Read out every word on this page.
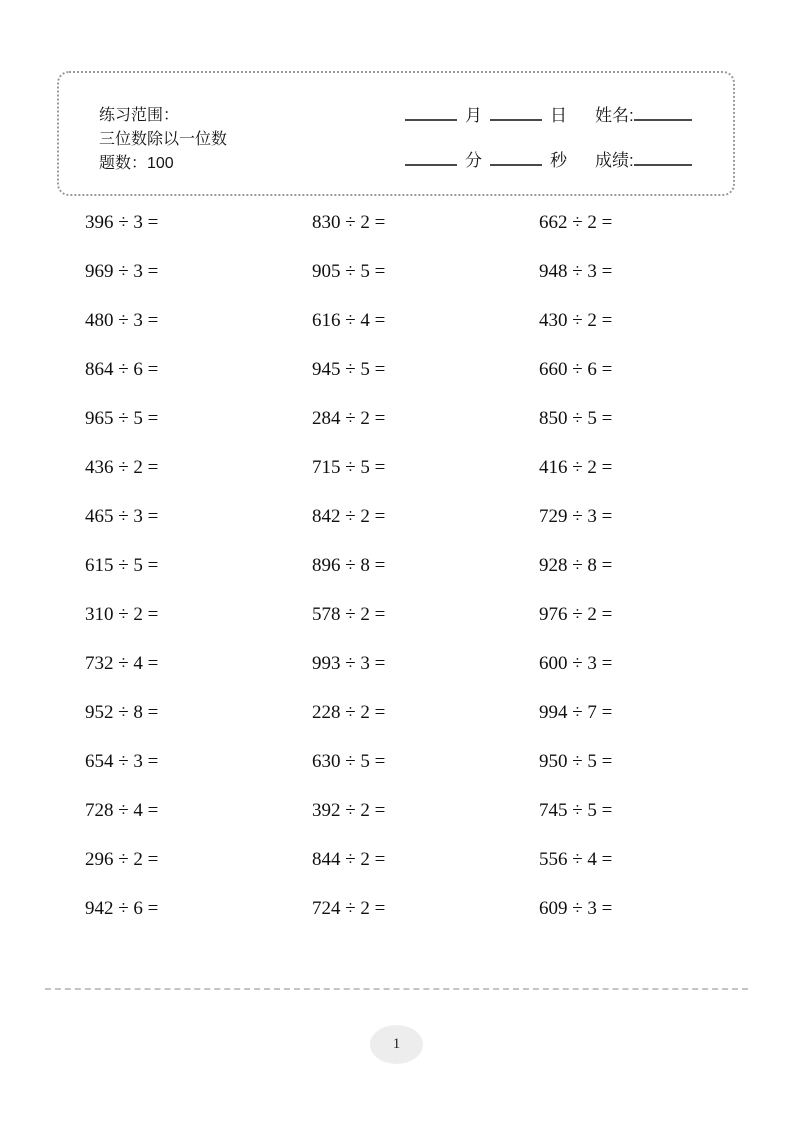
练习范围：
三位数除以一位数
题数：100
月	日 姓名:
分	秒 成绩:
396 ÷ 3 =	830 ÷ 2 =	662 ÷ 2 =
969 ÷ 3 =	905 ÷ 5 =	948 ÷ 3 =
480 ÷ 3 =	616 ÷ 4 =	430 ÷ 2 =
864 ÷ 6 =	945 ÷ 5 =	660 ÷ 6 =
965 ÷ 5 =	284 ÷ 2 =	850 ÷ 5 =
436 ÷ 2 =	715 ÷ 5 =	416 ÷ 2 =
465 ÷ 3 =	842 ÷ 2 =	729 ÷ 3 =
615 ÷ 5 =	896 ÷ 8 =	928 ÷ 8 =
310 ÷ 2 =	578 ÷ 2 =	976 ÷ 2 =
732 ÷ 4 =	993 ÷ 3 =	600 ÷ 3 =
952 ÷ 8 =	228 ÷ 2 =	994 ÷ 7 =
654 ÷ 3 =	630 ÷ 5 =	950 ÷ 5 =
728 ÷ 4 =	392 ÷ 2 =	745 ÷ 5 =
296 ÷ 2 =	844 ÷ 2 =	556 ÷ 4 =
942 ÷ 6 =	724 ÷ 2 =	609 ÷ 3 =
1
